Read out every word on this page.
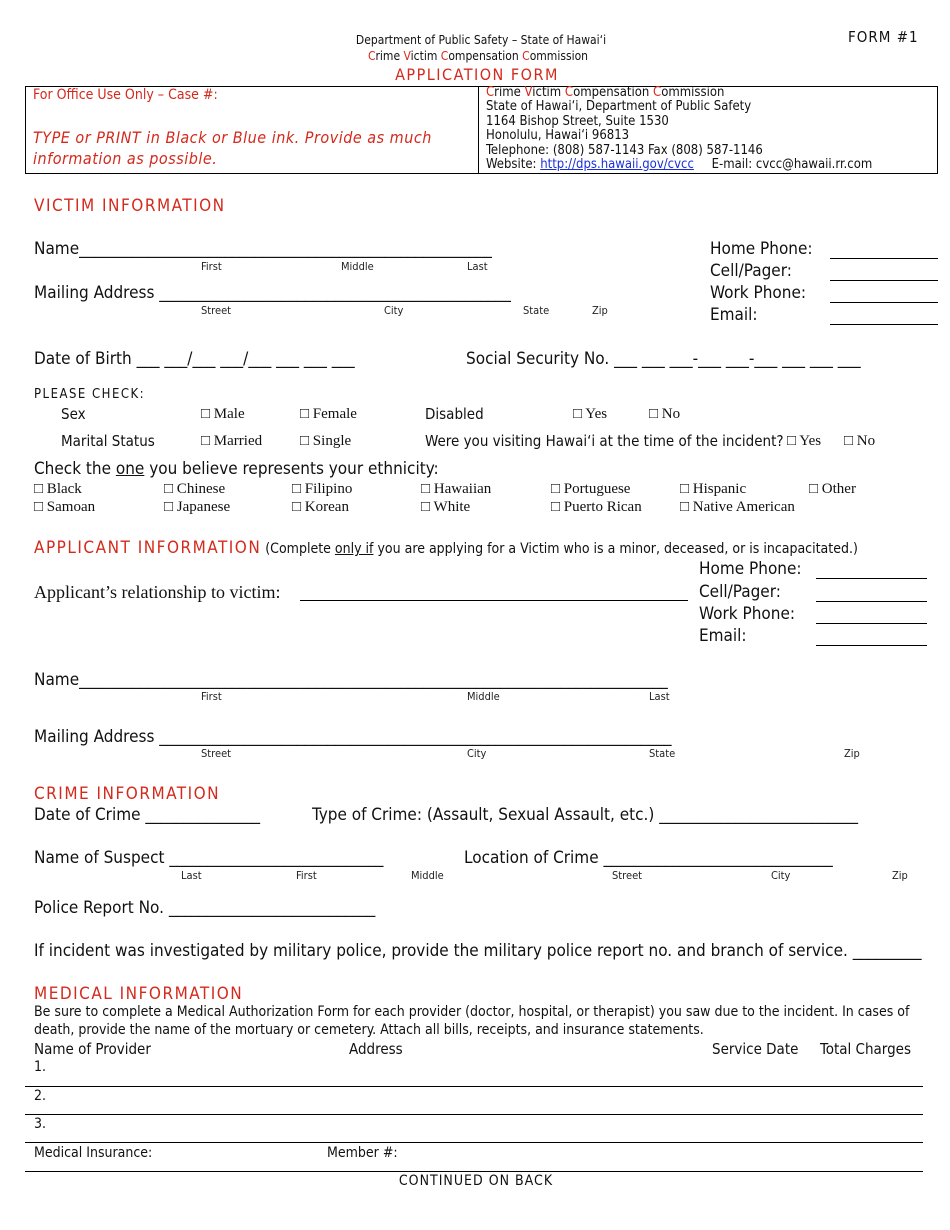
FORM #1
Department of Public Safety – State of Hawai‘i
Crime Victim Compensation Commission
APPLICATION FORM
For Office Use Only – Case #:
TYPE or PRINT in Black or Blue ink. Provide as much
information as possible.
Crime Victim Compensation Commission
State of Hawai‘i, Department of Public Safety
1164 Bishop Street, Suite 1530
Honolulu, Hawai‘i 96813
Telephone: (808) 587-1143 Fax (808) 587-1146
Website: http://dps.hawaii.gov/cvcc E-mail: cvcc@hawaii.rr.com
VICTIM INFORMATION
Name______________________________________________________
First	Middle	Last
Home Phone:
Cell/Pager:
Work Phone:
Email:
Mailing Address ______________________________________________
Street	City	State	Zip
Date of Birth ___ ___/___ ___/___ ___ ___ ___	Social Security No. ___ ___ ___-___ ___-___ ___ ___ ___
PLEASE CHECK:
Sex	□ Male	□ Female	Disabled	□ Yes	□ No
Marital Status	□ Married	□ Single	Were you visiting Hawai‘i at the time of the incident? □ Yes □ No
Check the one you believe represents your ethnicity:
□ Black	□ Chinese	□ Filipino	□ Hawaiian	□ Portuguese	□ Hispanic	□ Other
□ Samoan	□ Japanese	□ Korean	□ White	□ Puerto Rican	□ Native American
APPLICANT INFORMATION (Complete only if you are applying for a Victim who is a minor, deceased, or is incapacitated.)
Applicant’s relationship to victim:
Home Phone:
Cell/Pager:
Work Phone:
Email:
Name_____________________________________________________________________________
First	Middle	Last
Mailing Address ___________________________________________________________________
Street	City	State	Zip
CRIME INFORMATION
Date of Crime _______________	Type of Crime: (Assault, Sexual Assault, etc.) __________________________
Name of Suspect ____________________________	Location of Crime ______________________________
Last	First	Middle	Street	City	Zip
Police Report No. ___________________________
If incident was investigated by military police, provide the military police report no. and branch of service. _________
MEDICAL INFORMATION
Be sure to complete a Medical Authorization Form for each provider (doctor, hospital, or therapist) you saw due to the incident. In cases of
death, provide the name of the mortuary or cemetery. Attach all bills, receipts, and insurance statements.
Name of Provider	Address	Service Date Total Charges
1.
2.
3.
Medical Insurance:	Member #:
CONTINUED ON BACK
